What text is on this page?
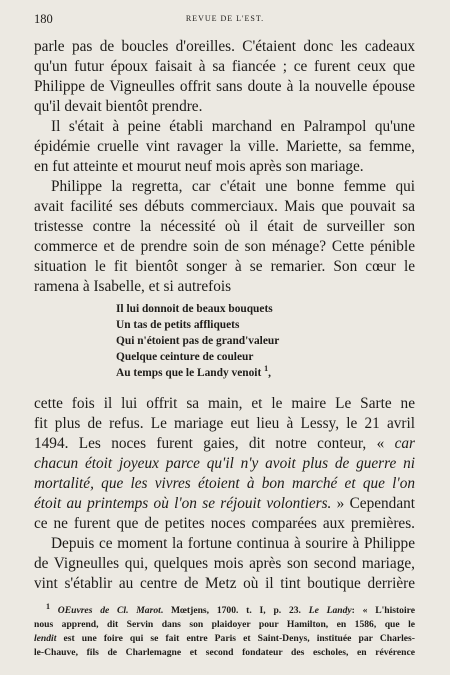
180	REVUE DE L'EST.
parle pas de boucles d'oreilles. C'étaient donc les cadeaux
qu'un futur époux faisait à sa fiancée ; ce furent ceux que
Philippe de Vigneulles offrit sans doute à la nouvelle épouse
qu'il devait bientôt prendre.
Il s'était à peine établi marchand en Palrampol qu'une
épidémie cruelle vint ravager la ville. Mariette, sa femme,
en fut atteinte et mourut neuf mois après son mariage.
Philippe la regretta, car c'était une bonne femme qui
avait facilité ses débuts commerciaux. Mais que pouvait sa
tristesse contre la nécessité où il était de surveiller son
commerce et de prendre soin de son ménage? Cette pénible
situation le fit bientôt songer à se remarier. Son cœur le
ramena à Isabelle, et si autrefois
Il lui donnoit de beaux bouquets
Un tas de petits affliquets
Qui n'étoient pas de grand'valeur
Quelque ceinture de couleur
Au temps que le Landy venoit $^1$,
cette fois il lui offrit sa main, et le maire Le Sarte ne
fit plus de refus. Le mariage eut lieu à Lessy, le 21 avril
1494. Les noces furent gaies, dit notre conteur, « car
chacun étoit joyeux parce qu'il n'y avoit plus de guerre ni
mortalité, que les vivres étoient à bon marché et que l'on
étoit au printemps où l'on se réjouit volontiers. » Cependant
ce ne furent que de petites noces comparées aux premières.
Depuis ce moment la fortune continua à sourire à Philippe
de Vigneulles qui, quelques mois après son second mariage,
vint s'établir au centre de Metz où il tint boutique derrière
$^1$ OEuvres de Cl. Marot. Mœtjens, 1700. t. I, p. 23. Le Landy: « L'histoire
nous apprend, dit Servin dans son plaidoyer pour Hamilton, en 1586, que le
lendit est une foire qui se fait entre Paris et Saint-Denys, instituée par Charles-
le-Chauve, fils de Charlemagne et second fondateur des escholes, en révérence
